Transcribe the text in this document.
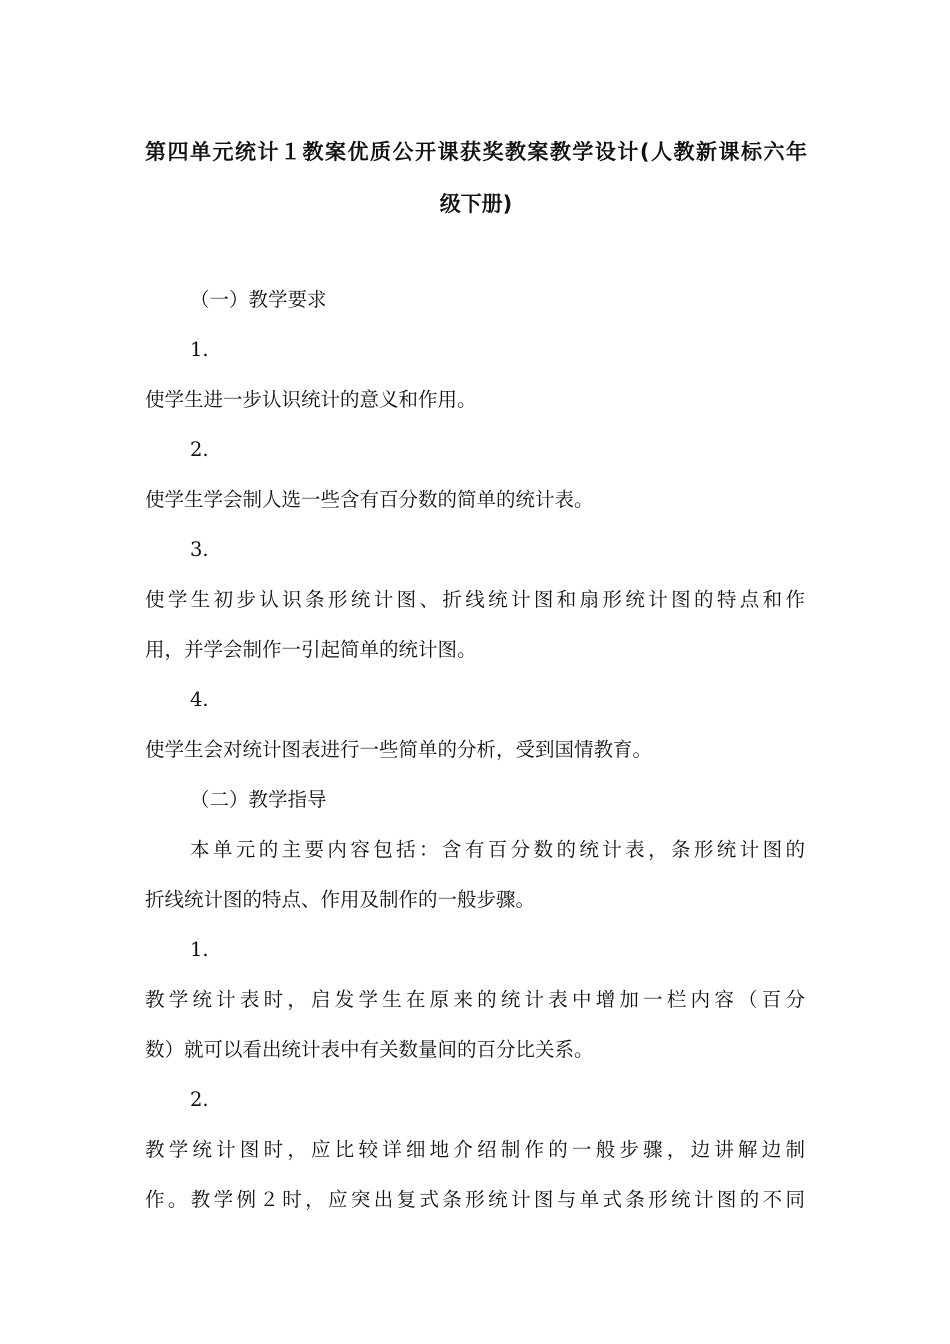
第四单元统计１教案优质公开课获奖教案教学设计(人教新课标六年
级下册)
（一）教学要求
1.
使学生进一步认识统计的意义和作用。
2.
使学生学会制人选一些含有百分数的简单的统计表。
3.
使学生初步认识条形统计图、折线统计图和扇形统计图的特点和作
用，并学会制作一引起简单的统计图。
4.
使学生会对统计图表进行一些简单的分析，受到国情教育。
（二）教学指导
本单元的主要内容包括：含有百分数的统计表，条形统计图的
折线统计图的特点、作用及制作的一般步骤。
1.
教学统计表时，启发学生在原来的统计表中增加一栏内容（百分
数）就可以看出统计表中有关数量间的百分比关系。
2.
教学统计图时，应比较详细地介绍制作的一般步骤，边讲解边制
作。教学例２时，应突出复式条形统计图与单式条形统计图的不同
